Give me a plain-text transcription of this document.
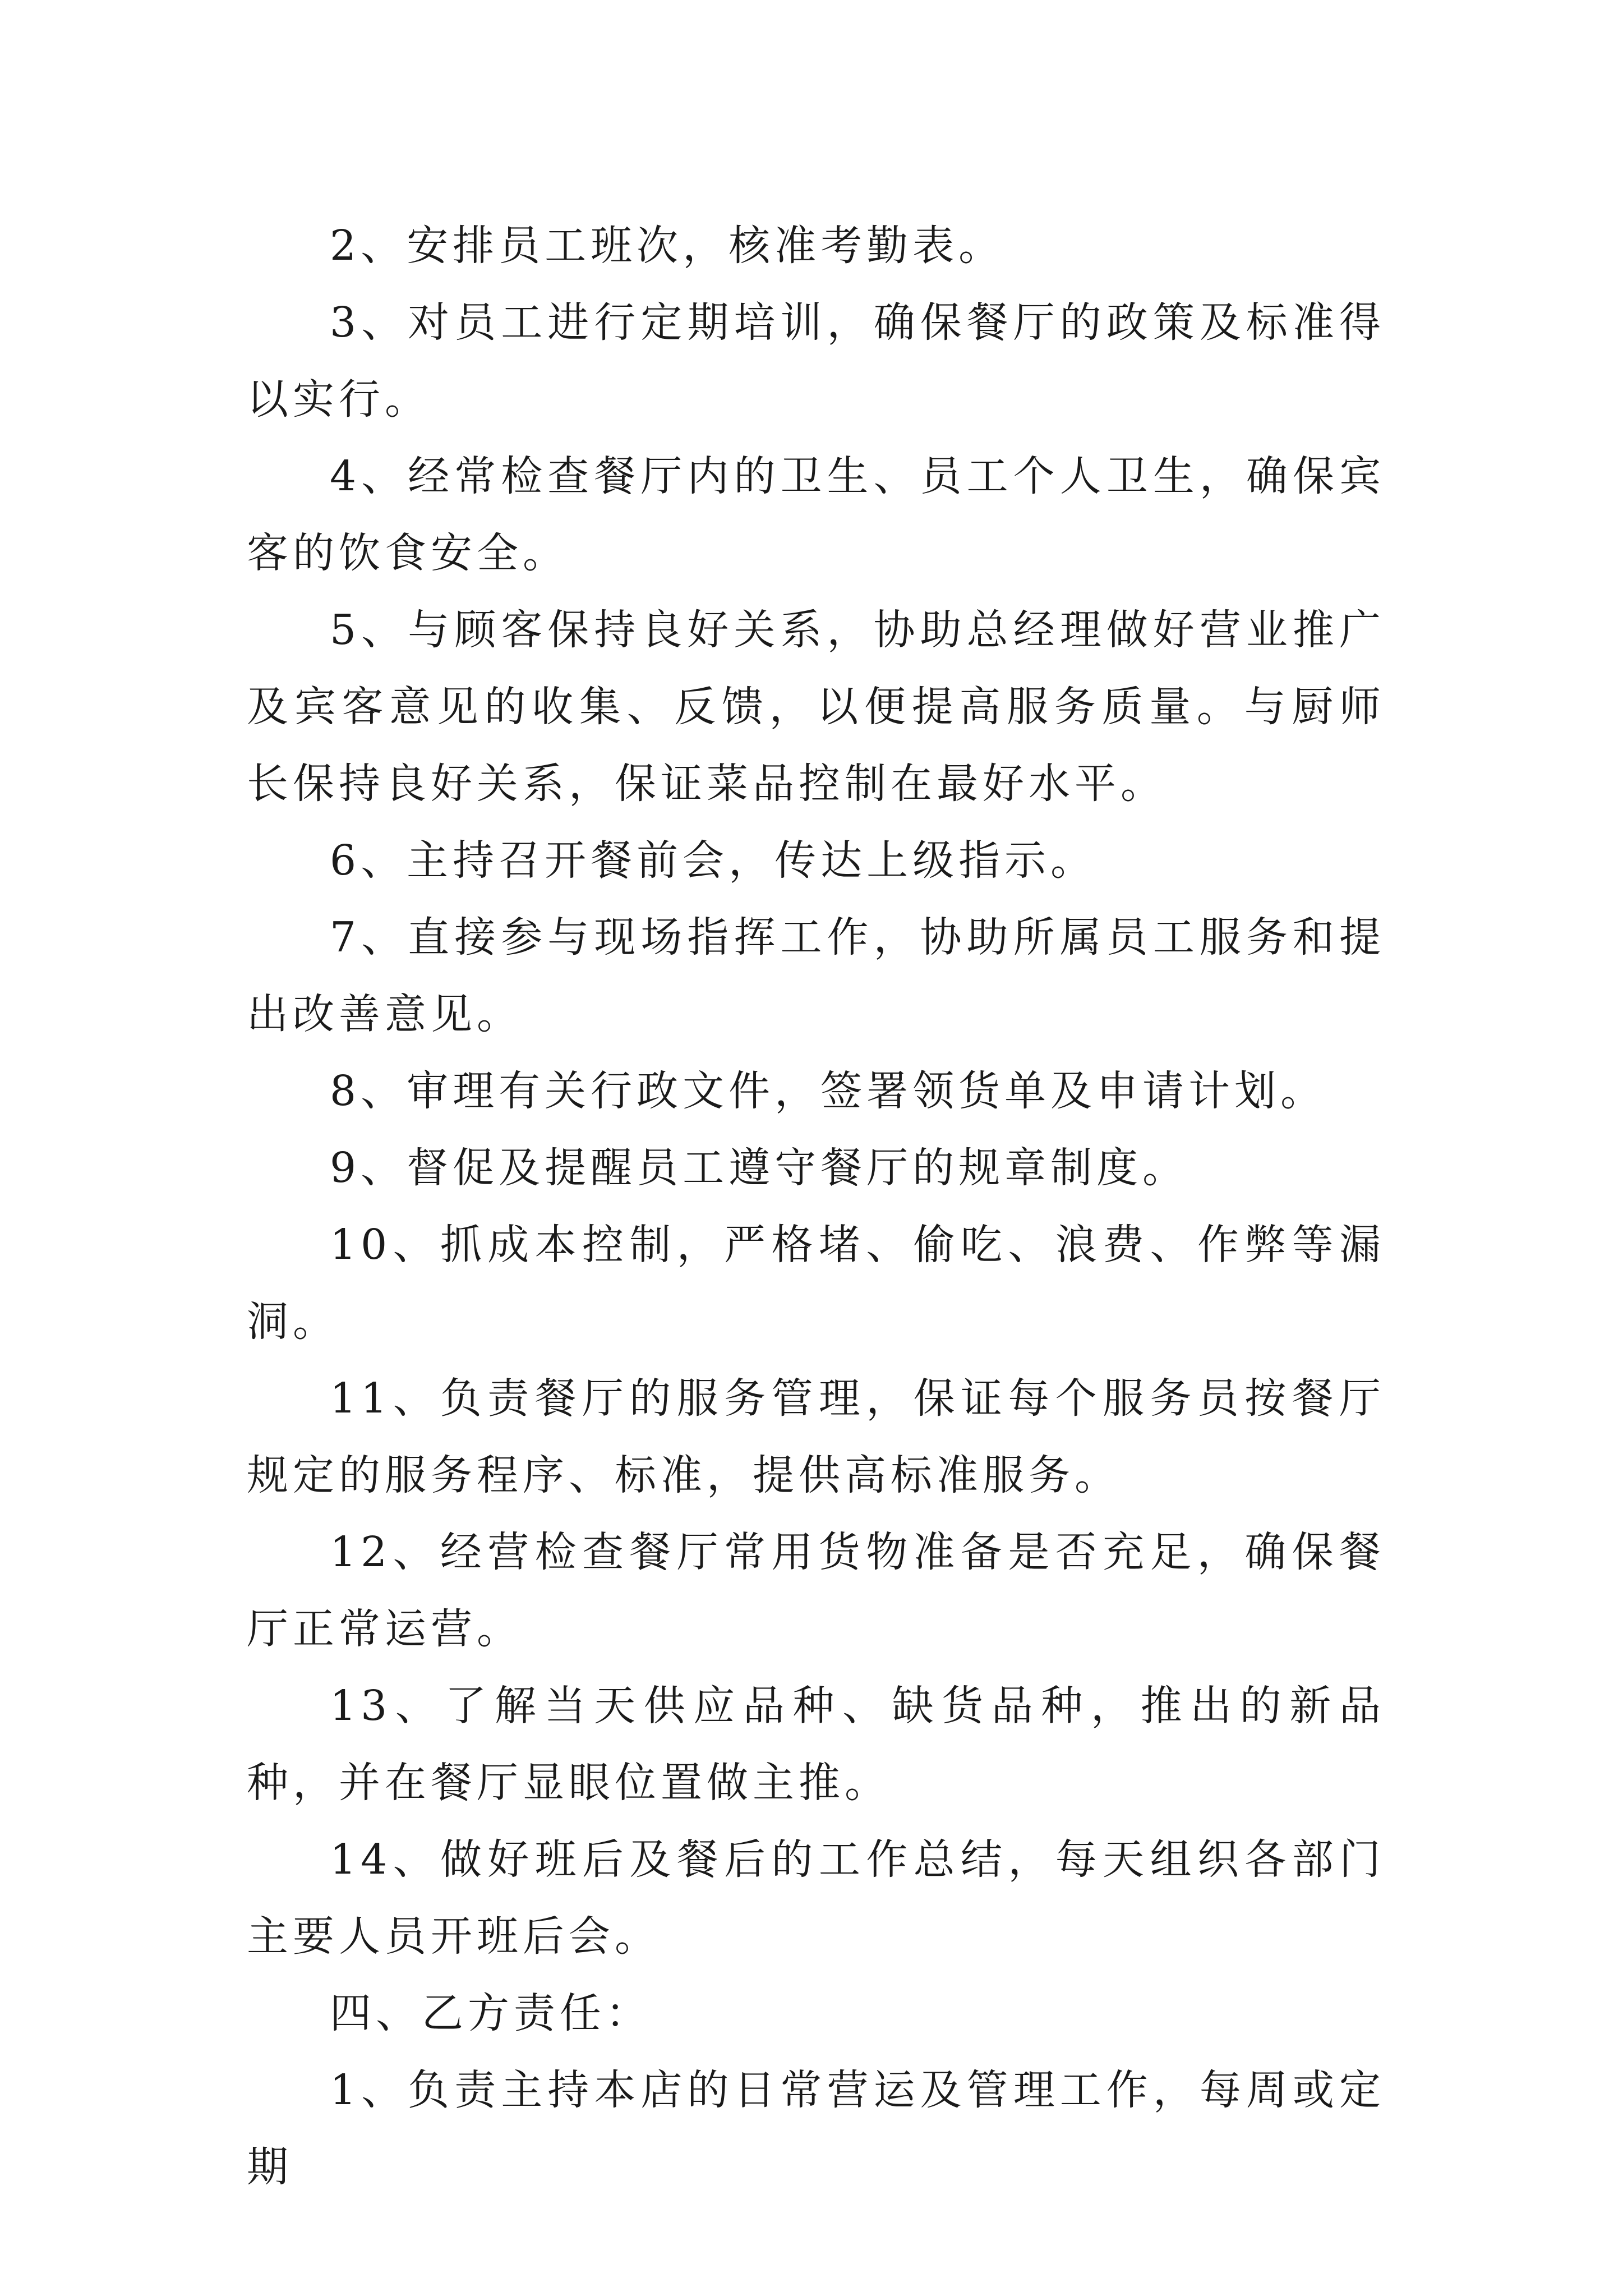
2、安排员工班次，核准考勤表。

3、对员工进行定期培训，确保餐厅的政策及标准得以实行。

4、经常检查餐厅内的卫生、员工个人卫生，确保宾客的饮食安全。

5、与顾客保持良好关系，协助总经理做好营业推广及宾客意见的收集、反馈，以便提高服务质量。与厨师长保持良好关系，保证菜品控制在最好水平。

6、主持召开餐前会，传达上级指示。

7、直接参与现场指挥工作，协助所属员工服务和提出改善意见。

8、审理有关行政文件，签署领货单及申请计划。

9、督促及提醒员工遵守餐厅的规章制度。

10、抓成本控制，严格堵、偷吃、浪费、作弊等漏洞。

11、负责餐厅的服务管理，保证每个服务员按餐厅规定的服务程序、标准，提供高标准服务。

12、经营检查餐厅常用货物准备是否充足，确保餐厅正常运营。

13、了解当天供应品种、缺货品种，推出的新品种，并在餐厅显眼位置做主推。

14、做好班后及餐后的工作总结，每天组织各部门主要人员开班后会。

四、乙方责任：

1、负责主持本店的日常营运及管理工作，每周或定期
